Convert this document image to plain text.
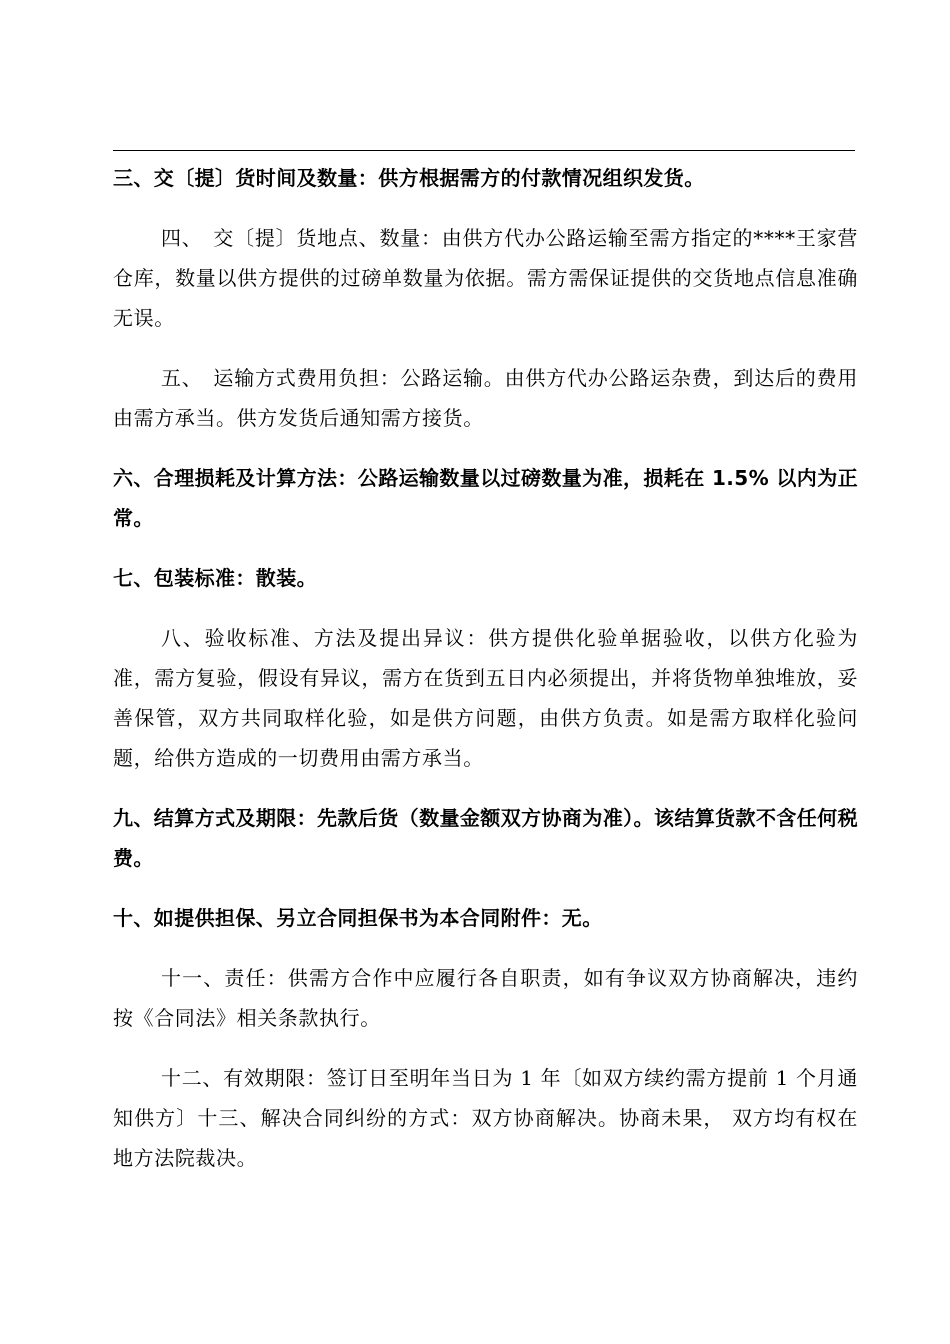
三、交〔提〕货时间及数量：供方根据需方的付款情况组织发货。

四、　交〔提〕货地点、数量：由供方代办公路运输至需方指定的****王家营仓库，数量以供方提供的过磅单数量为依据。需方需保证提供的交货地点信息准确无误。

五、　运输方式费用负担：公路运输。由供方代办公路运杂费，到达后的费用由需方承当。供方发货后通知需方接货。

六、合理损耗及计算方法：公路运输数量以过磅数量为准，损耗在 1.5% 以内为正常。

七、包装标准：散装。

八、验收标准、方法及提出异议：供方提供化验单据验收，以供方化验为准，需方复验，假设有异议，需方在货到五日内必须提出，并将货物单独堆放，妥善保管，双方共同取样化验，如是供方问题，由供方负责。如是需方取样化验问题，给供方造成的一切费用由需方承当。

九、结算方式及期限：先款后货（数量金额双方协商为准）。该结算货款不含任何税费。

十、如提供担保、另立合同担保书为本合同附件：无。

十一、责任：供需方合作中应履行各自职责，如有争议双方协商解决，违约按《合同法》相关条款执行。

十二、有效期限：签订日至明年当日为 1 年〔如双方续约需方提前 1 个月通知供方〕十三、解决合同纠纷的方式：双方协商解决。协商未果， 双方均有权在地方法院裁决。
